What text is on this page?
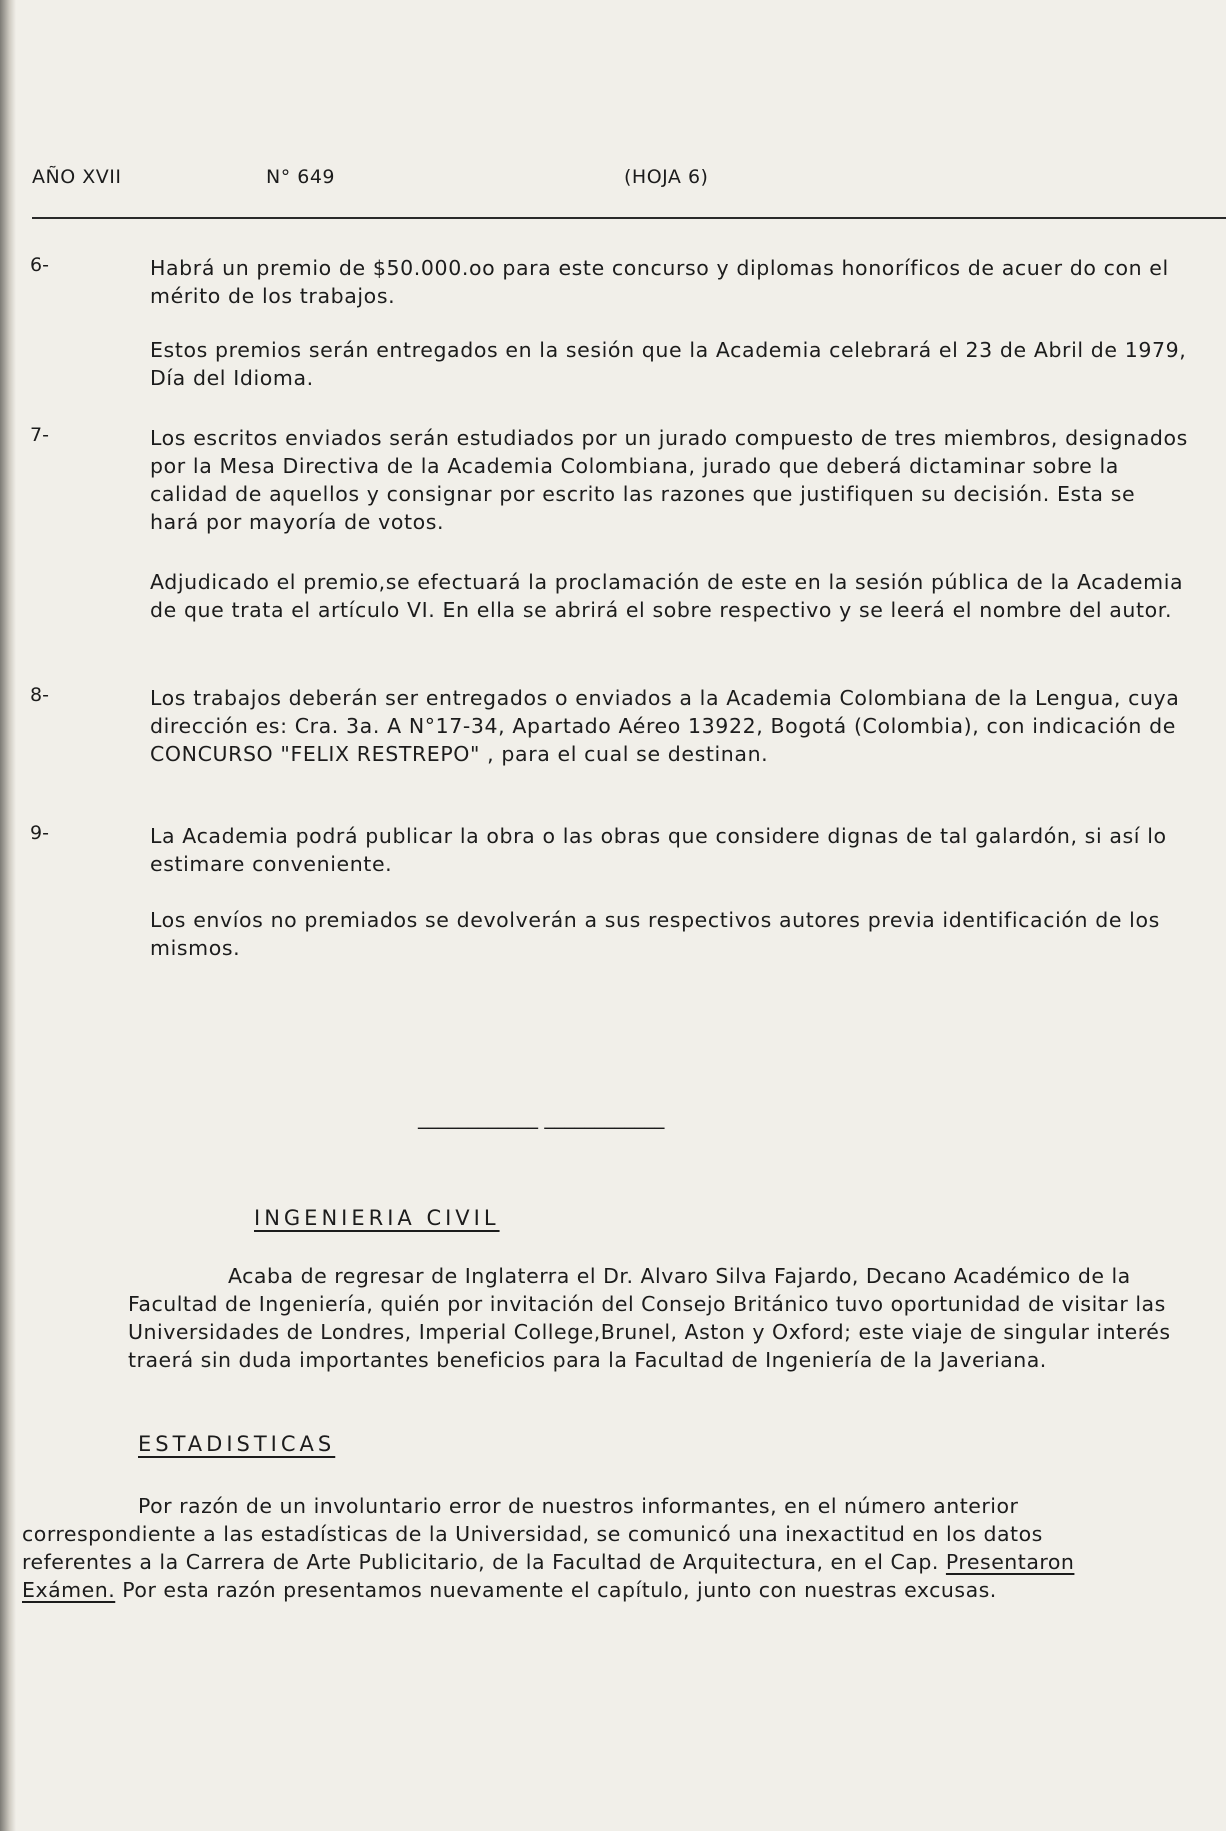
AÑO XVII	N° 649	(HOJA 6)
6-	Habrá un premio de $50.000.oo para este concurso y diplomas honoríficos de acuer do con el mérito de los trabajos.

Estos premios serán entregados en la sesión que la Academia celebrará el 23 de Abril de 1979, Día del Idioma.

7-	Los escritos enviados serán estudiados por un jurado compuesto de tres miembros, designados por la Mesa Directiva de la Academia Colombiana, jurado que deberá dictaminar sobre la calidad de aquellos y consignar por escrito las razones que justifiquen su decisión. Esta se hará por mayoría de votos.

Adjudicado el premio,se efectuará la proclamación de este en la sesión pública de la Academia de que trata el artículo VI. En ella se abrirá el sobre respectivo y se leerá el nombre del autor.

8-	Los trabajos deberán ser entregados o enviados a la Academia Colombiana de la Lengua, cuya dirección es: Cra. 3a. A N°17-34, Apartado Aéreo 13922, Bogotá (Colombia), con indicación de CONCURSO "FELIX RESTREPO" , para el cual se destinan.

9-	La Academia podrá publicar la obra o las obras que considere dignas de tal galardón, si así lo estimare conveniente.

Los envíos no premiados se devolverán a sus respectivos autores previa identificación de los mismos.

____________ ____________
INGENIERIA CIVIL

Acaba de regresar de Inglaterra el Dr. Alvaro Silva Fajardo, Decano Académico de la Facultad de Ingeniería, quién por invitación del Consejo Británico tuvo oportunidad de visitar las Universidades de Londres, Imperial College,Brunel, Aston y Oxford; este viaje de singular interés traerá sin duda importantes beneficios para la Facultad de Ingeniería de la Javeriana.

ESTADISTICAS

Por razón de un involuntario error de nuestros informantes, en el número anterior correspondiente a las estadísticas de la Universidad, se comunicó una inexactitud en los datos referentes a la Carrera de Arte Publicitario, de la Facultad de Arquitectura, en el Cap. Presentaron Exámen. Por esta razón presentamos nuevamente el capítulo, junto con nuestras excusas.
